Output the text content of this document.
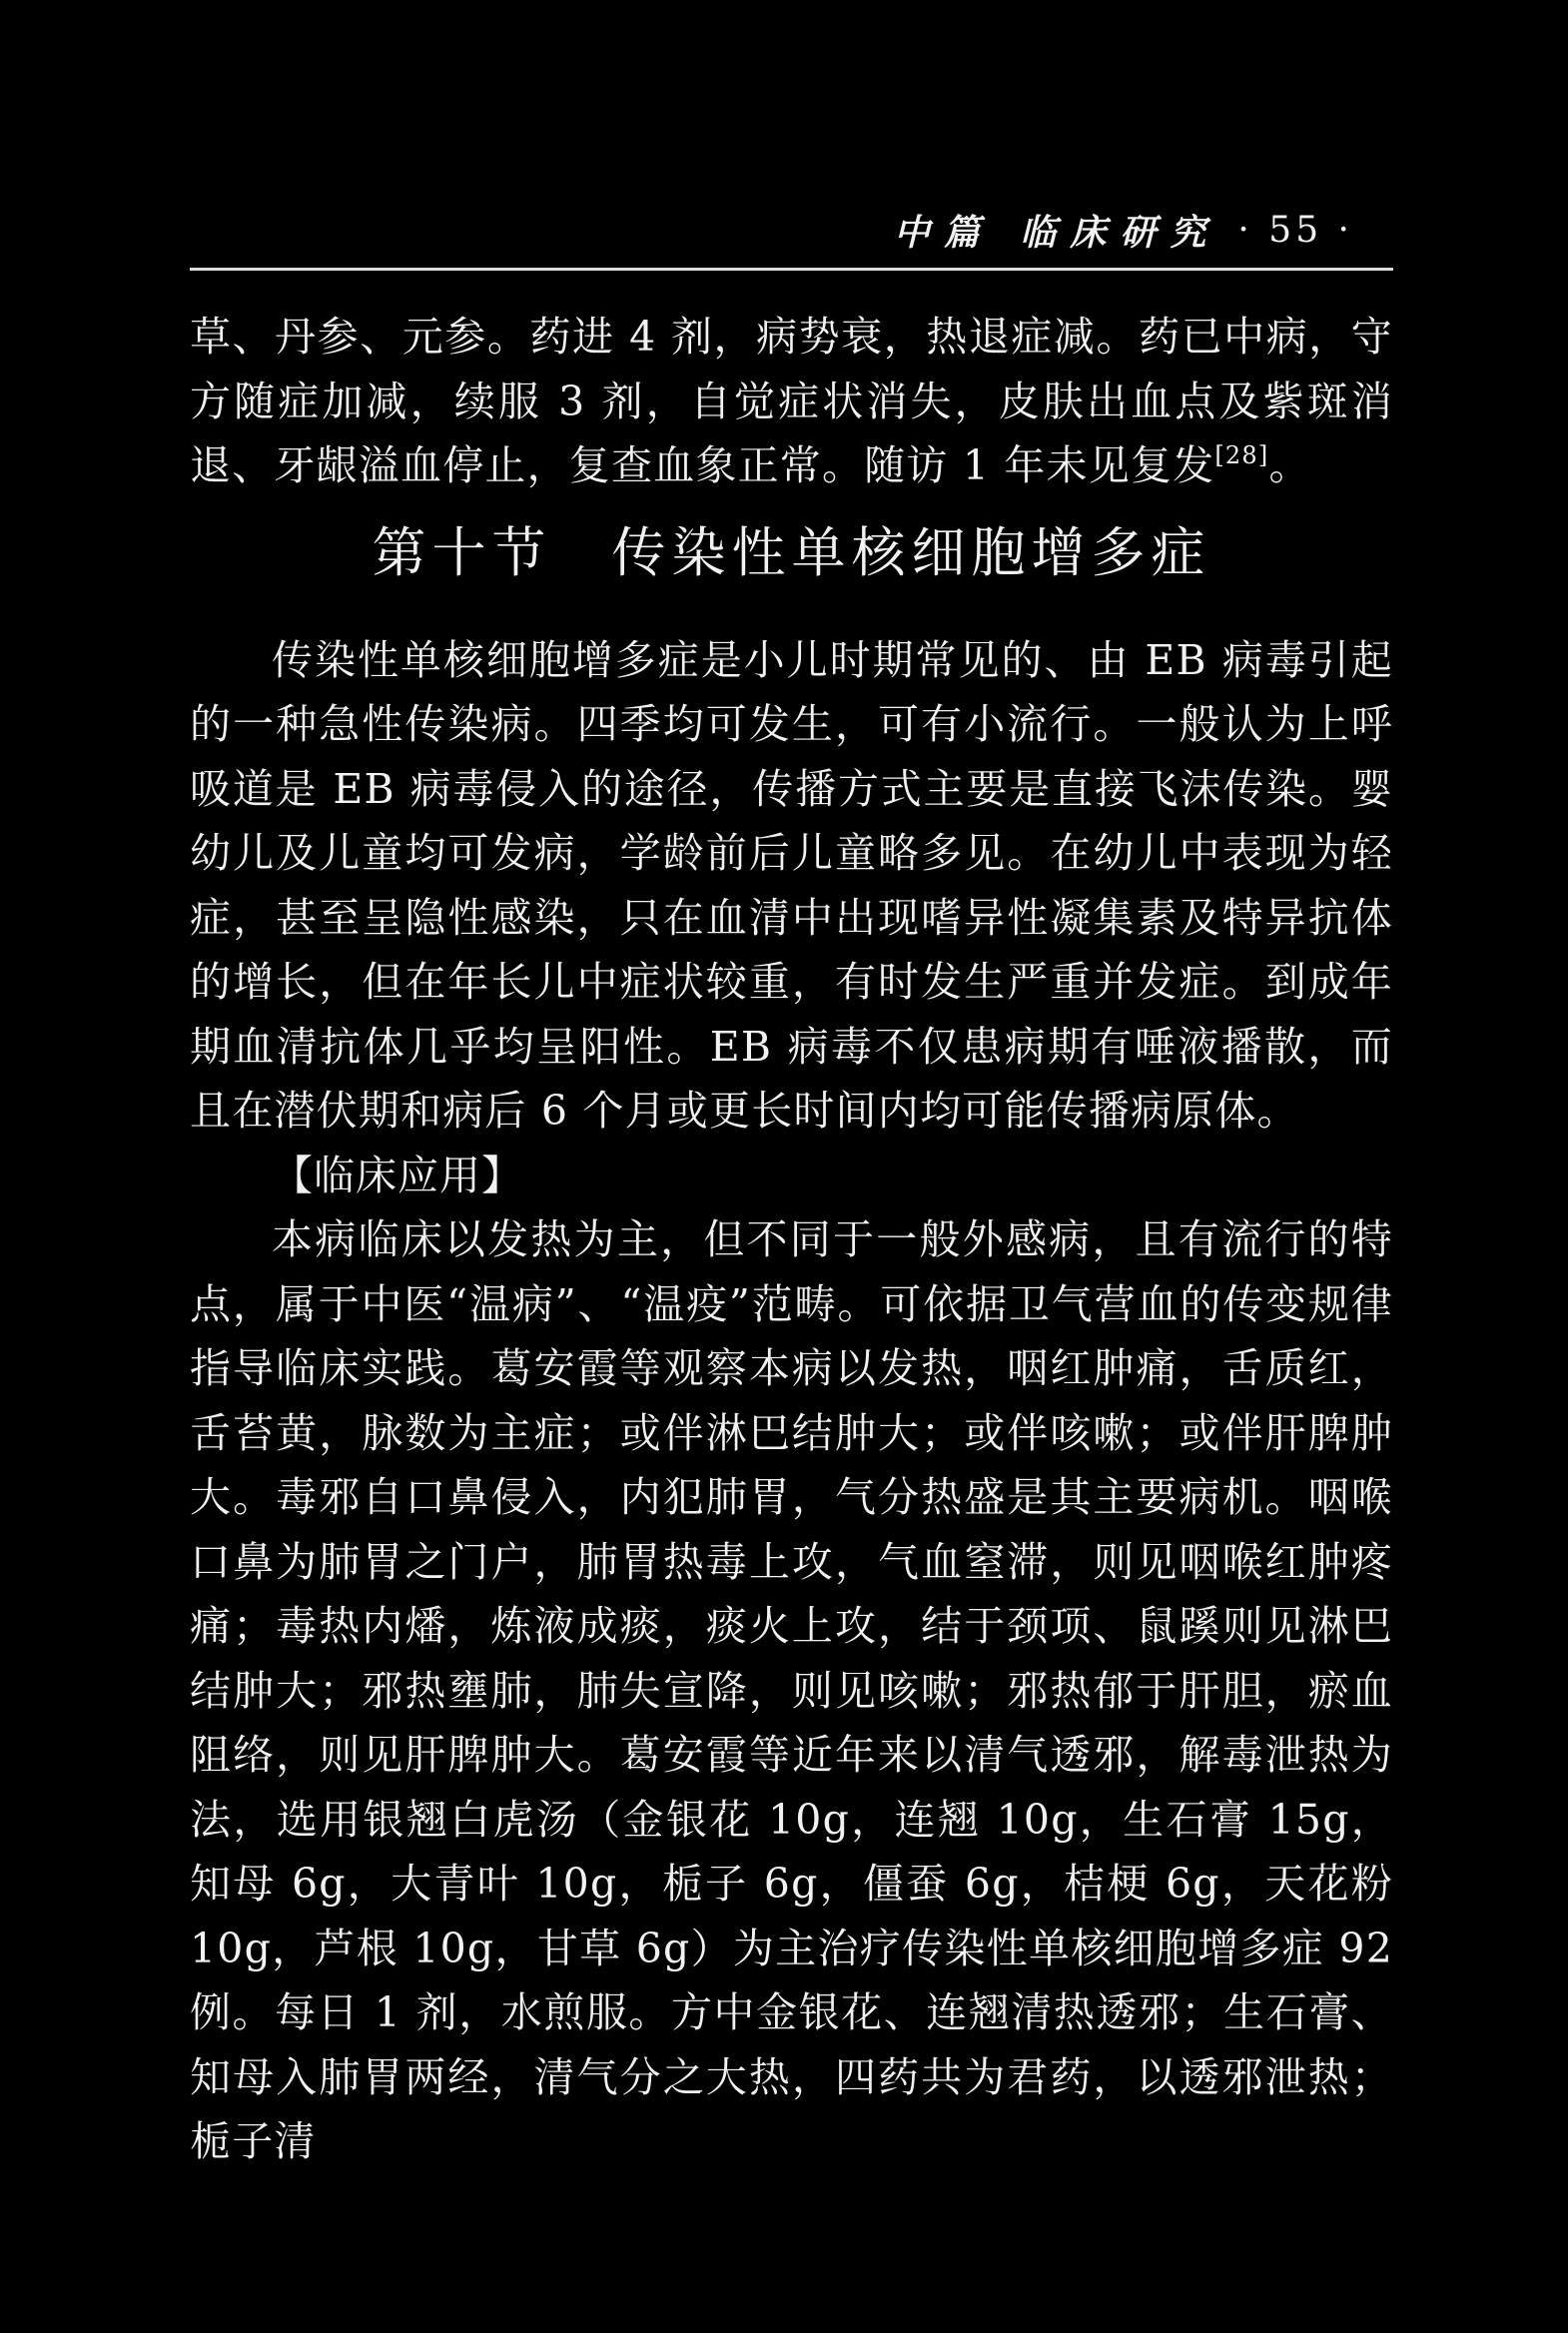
中篇 临床研究 · 55 ·

草、丹参、元参。药进 4 剂，病势衰，热退症减。药已中病，守方随症加减，续服 3 剂，自觉症状消失，皮肤出血点及紫斑消退、牙龈溢血停止，复查血象正常。随访 1 年未见复发[28]。

第十节 传染性单核细胞增多症

传染性单核细胞增多症是小儿时期常见的、由 EB 病毒引起的一种急性传染病。四季均可发生，可有小流行。一般认为上呼吸道是 EB 病毒侵入的途径，传播方式主要是直接飞沫传染。婴幼儿及儿童均可发病，学龄前后儿童略多见。在幼儿中表现为轻症，甚至呈隐性感染，只在血清中出现嗜异性凝集素及特异抗体的增长，但在年长儿中症状较重，有时发生严重并发症。到成年期血清抗体几乎均呈阳性。EB 病毒不仅患病期有唾液播散，而且在潜伏期和病后 6 个月或更长时间内均可能传播病原体。

【临床应用】

本病临床以发热为主，但不同于一般外感病，且有流行的特点，属于中医“温病”、“温疫”范畴。可依据卫气营血的传变规律指导临床实践。葛安霞等观察本病以发热，咽红肿痛，舌质红，舌苔黄，脉数为主症；或伴淋巴结肿大；或伴咳嗽；或伴肝脾肿大。毒邪自口鼻侵入，内犯肺胃，气分热盛是其主要病机。咽喉口鼻为肺胃之门户，肺胃热毒上攻，气血窒滞，则见咽喉红肿疼痛；毒热内燔，炼液成痰，痰火上攻，结于颈项、鼠蹊则见淋巴结肿大；邪热壅肺，肺失宣降，则见咳嗽；邪热郁于肝胆，瘀血阻络，则见肝脾肿大。葛安霞等近年来以清气透邪，解毒泄热为法，选用银翘白虎汤（金银花 10g，连翘 10g，生石膏 15g，知母 6g，大青叶 10g，栀子 6g，僵蚕 6g，桔梗 6g，天花粉 10g，芦根 10g，甘草 6g）为主治疗传染性单核细胞增多症 92 例。每日 1 剂，水煎服。方中金银花、连翘清热透邪；生石膏、知母入肺胃两经，清气分之大热，四药共为君药，以透邪泄热；栀子清
